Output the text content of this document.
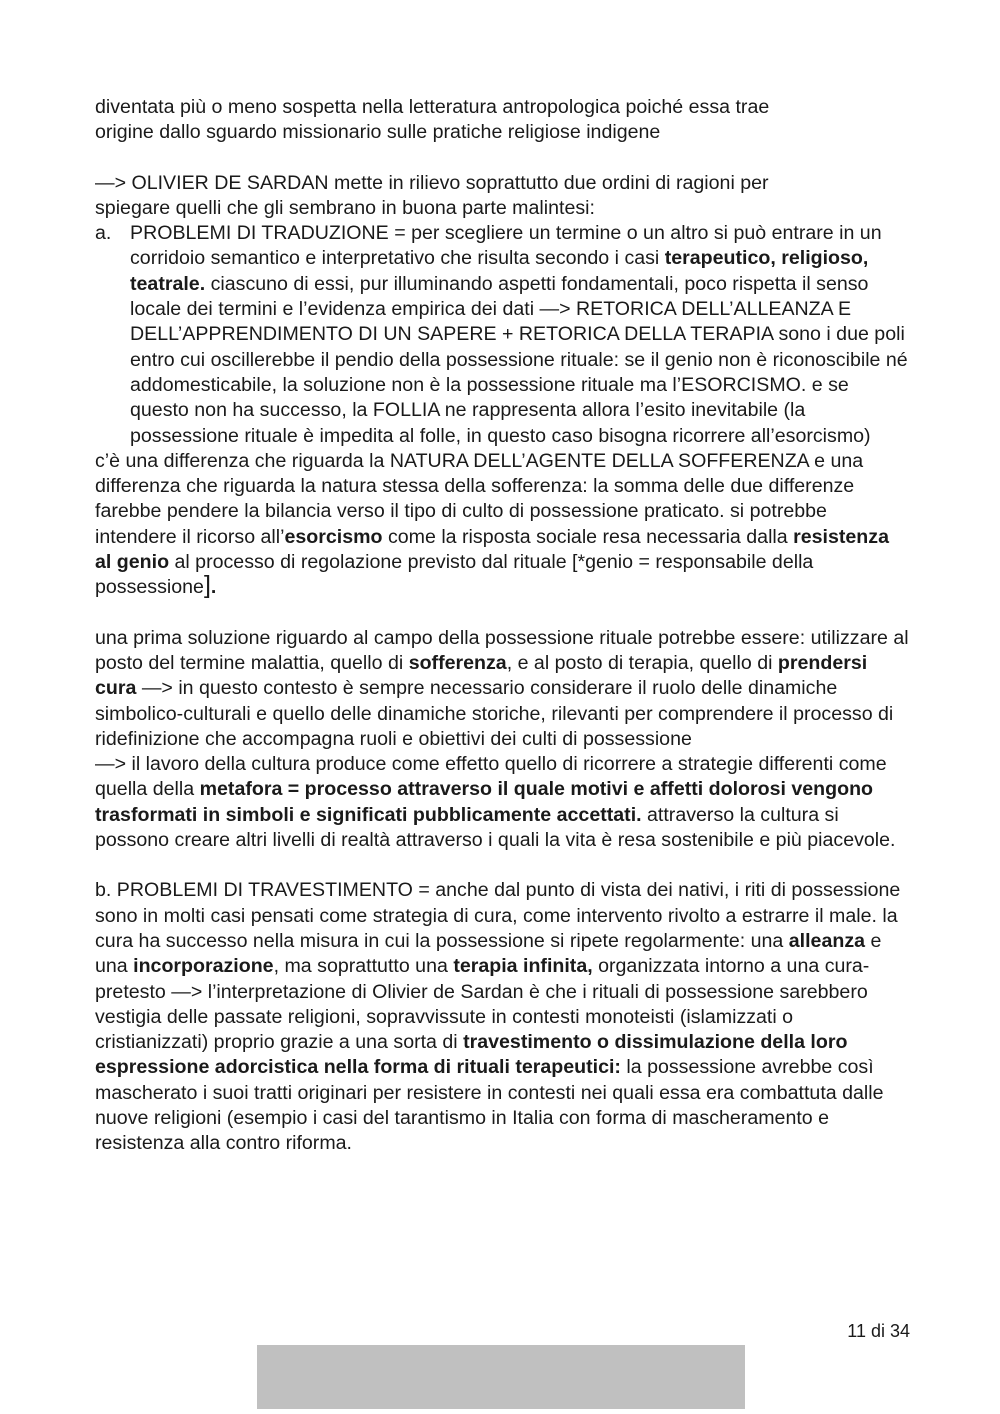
diventata più o meno sospetta nella letteratura antropologica poiché essa trae
origine dallo sguardo missionario sulle pratiche religiose indigene

—> OLIVIER DE SARDAN mette in rilievo soprattutto due ordini di ragioni per
spiegare quelli che gli sembrano in buona parte malintesi:

a. PROBLEMI DI TRADUZIONE = per scegliere un termine o un altro si può entrare in un corridoio semantico e interpretativo che risulta secondo i casi terapeutico, religioso, teatrale. ciascuno di essi, pur illuminando aspetti fondamentali, poco rispetta il senso locale dei termini e l’evidenza empirica dei dati —> RETORICA DELL’ALLEANZA E DELL’APPRENDIMENTO DI UN SAPERE + RETORICA DELLA TERAPIA sono i due poli entro cui oscillerebbe il pendio della possessione rituale: se il genio non è riconoscibile né addomesticabile, la soluzione non è la possessione rituale ma l’ESORCISMO. e se questo non ha successo, la FOLLIA ne rappresenta allora l’esito inevitabile (la possessione rituale è impedita al folle, in questo caso bisogna ricorrere all’esorcismo)

c’è una differenza che riguarda la NATURA DELL’AGENTE DELLA SOFFERENZA e una differenza che riguarda la natura stessa della sofferenza: la somma delle due differenze farebbe pendere la bilancia verso il tipo di culto di possessione praticato. si potrebbe intendere il ricorso all’esorcismo come la risposta sociale resa necessaria dalla resistenza al genio al processo di regolazione previsto dal rituale [*genio = responsabile della possessione].

una prima soluzione riguardo al campo della possessione rituale potrebbe essere: utilizzare al posto del termine malattia, quello di sofferenza, e al posto di terapia, quello di prendersi cura —> in questo contesto è sempre necessario considerare il ruolo delle dinamiche simbolico-culturali e quello delle dinamiche storiche, rilevanti per comprendere il processo di ridefinizione che accompagna ruoli e obiettivi dei culti di possessione

—> il lavoro della cultura produce come effetto quello di ricorrere a strategie differenti come quella della metafora = processo attraverso il quale motivi e affetti dolorosi vengono trasformati in simboli e significati pubblicamente accettati. attraverso la cultura si possono creare altri livelli di realtà attraverso i quali la vita è resa sostenibile e più piacevole.

b. PROBLEMI DI TRAVESTIMENTO = anche dal punto di vista dei nativi, i riti di possessione sono in molti casi pensati come strategia di cura, come intervento rivolto a estrarre il male. la cura ha successo nella misura in cui la possessione si ripete regolarmente: una alleanza e una incorporazione, ma soprattutto una terapia infinita, organizzata intorno a una cura-pretesto —> l’interpretazione di Olivier de Sardan è che i rituali di possessione sarebbero vestigia delle passate religioni, sopravvissute in contesti monoteisti (islamizzati o cristianizzati) proprio grazie a una sorta di travestimento o dissimulazione della loro espressione adorcistica nella forma di rituali terapeutici: la possessione avrebbe così mascherato i suoi tratti originari per resistere in contesti nei quali essa era combattuta dalle nuove religioni (esempio i casi del tarantismo in Italia con forma di mascheramento e resistenza alla contro riforma.

11 di 34
